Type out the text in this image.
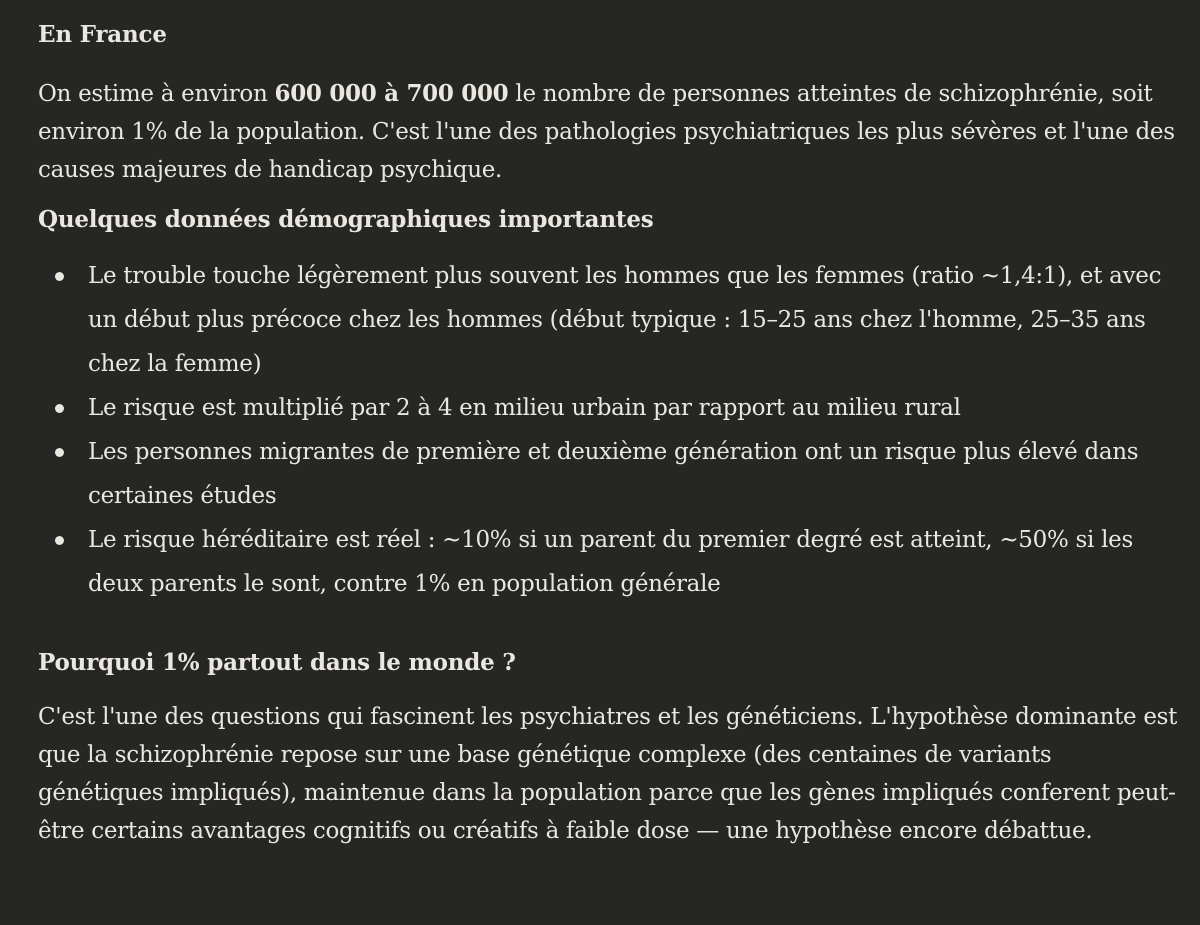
En France

On estime à environ 600 000 à 700 000 le nombre de personnes atteintes de schizophrénie, soit environ 1% de la population. C'est l'une des pathologies psychiatriques les plus sévères et l'une des causes majeures de handicap psychique.

Quelques données démographiques importantes
Le trouble touche légèrement plus souvent les hommes que les femmes (ratio ~1,4:1), et avec un début plus précoce chez les hommes (début typique : 15–25 ans chez l'homme, 25–35 ans chez la femme)
Le risque est multiplié par 2 à 4 en milieu urbain par rapport au milieu rural
Les personnes migrantes de première et deuxième génération ont un risque plus élevé dans certaines études
Le risque héréditaire est réel : ~10% si un parent du premier degré est atteint, ~50% si les deux parents le sont, contre 1% en population générale
Pourquoi 1% partout dans le monde ?

C'est l'une des questions qui fascinent les psychiatres et les généticiens. L'hypothèse dominante est que la schizophrénie repose sur une base génétique complexe (des centaines de variants génétiques impliqués), maintenue dans la population parce que les gènes impliqués conferent peut-être certains avantages cognitifs ou créatifs à faible dose — une hypothèse encore débattue.
